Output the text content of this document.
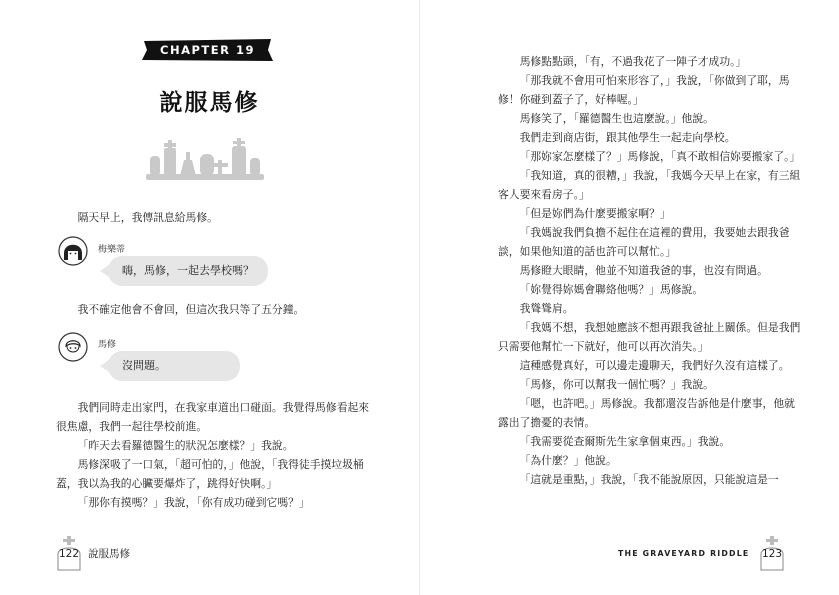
CHAPTER 19
說服馬修
隔天早上，我傳訊息給馬修。
梅樂蒂
嗨，馬修，一起去學校嗎？
我不確定他會不會回，但這次我只等了五分鐘。
馬修
沒問題。
我們同時走出家門，在我家車道出口碰面。我覺得馬修看起來很焦慮，我們一起往學校前進。
「昨天去看羅德醫生的狀況怎麼樣？」我說。
馬修深吸了一口氣，「超可怕的，」他說，「我得徒手摸垃圾桶蓋，我以為我的心臟要爆炸了，跳得好快啊。」
「那你有摸嗎？」我說，「你有成功碰到它嗎？」
122 說服馬修
馬修點點頭，「有，不過我花了一陣子才成功。」
「那我就不會用可怕來形容了，」我說，「你做到了耶，馬修！你碰到蓋子了，好棒喔。」
馬修笑了，「羅德醫生也這麼說。」他說。
我們走到商店街，跟其他學生一起走向學校。
「那妳家怎麼樣了？」馬修說，「真不敢相信妳要搬家了。」
「我知道，真的很糟，」我說，「我媽今天早上在家，有三組客人要來看房子。」
「但是妳們為什麼要搬家啊？」
「我媽說我們負擔不起住在這裡的費用，我要她去跟我爸談，如果他知道的話也許可以幫忙。」
馬修瞪大眼睛，他並不知道我爸的事，也沒有問過。
「妳覺得妳媽會聯絡他嗎？」馬修說。
我聳聳肩。
「我媽不想，我想她應該不想再跟我爸扯上關係。但是我們只需要他幫忙一下就好，他可以再次消失。」
這種感覺真好，可以邊走邊聊天，我們好久沒有這樣了。
「馬修，你可以幫我一個忙嗎？」我說。
「嗯，也許吧。」馬修說。我都還沒告訴他是什麼事，他就露出了擔憂的表情。
「我需要從查爾斯先生家拿個東西。」我說。
「為什麼？」他說。
「這就是重點，」我說，「我不能說原因，只能說這是一
THE GRAVEYARD RIDDLE	123
